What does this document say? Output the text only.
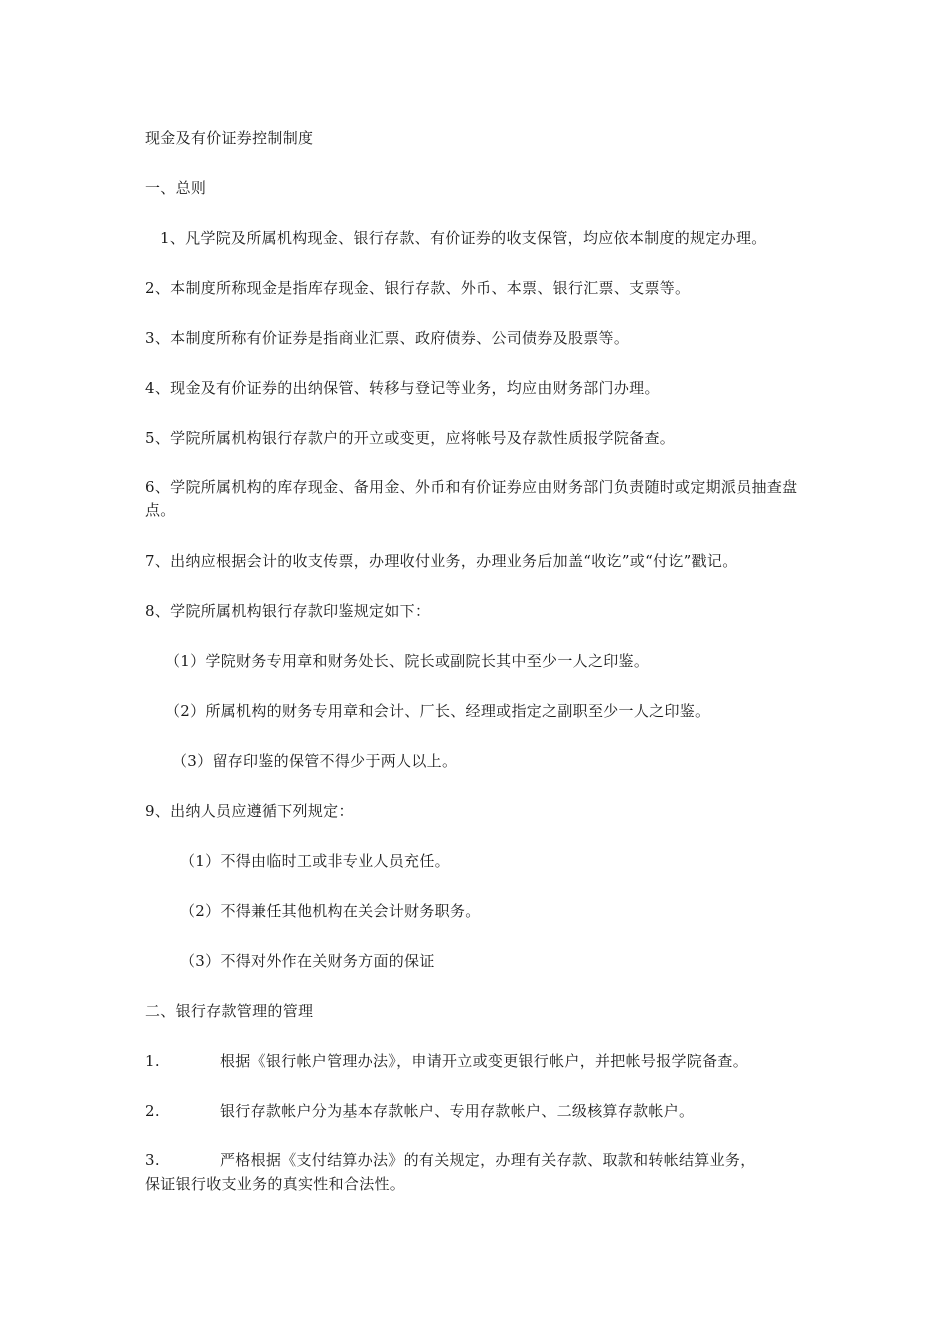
现金及有价证券控制制度
一、总则
1、凡学院及所属机构现金、银行存款、有价证券的收支保管，均应依本制度的规定办理。
2、本制度所称现金是指库存现金、银行存款、外币、本票、银行汇票、支票等。
3、本制度所称有价证券是指商业汇票、政府债券、公司债券及股票等。
4、现金及有价证券的出纳保管、转移与登记等业务，均应由财务部门办理。
5、学院所属机构银行存款户的开立或变更，应将帐号及存款性质报学院备查。
6、学院所属机构的库存现金、备用金、外币和有价证券应由财务部门负责随时或定期派员抽查盘点。
7、出纳应根据会计的收支传票，办理收付业务，办理业务后加盖“收讫”或“付讫”戳记。
8、学院所属机构银行存款印鉴规定如下：
（1）学院财务专用章和财务处长、院长或副院长其中至少一人之印鉴。
（2）所属机构的财务专用章和会计、厂长、经理或指定之副职至少一人之印鉴。
（3）留存印鉴的保管不得少于两人以上。
9、出纳人员应遵循下列规定：
（1）不得由临时工或非专业人员充任。
（2）不得兼任其他机构在关会计财务职务。
（3）不得对外作在关财务方面的保证
二、银行存款管理的管理
1.	根据《银行帐户管理办法》，申请开立或变更银行帐户，并把帐号报学院备查。
2.	银行存款帐户分为基本存款帐户、专用存款帐户、二级核算存款帐户。
3.	严格根据《支付结算办法》的有关规定，办理有关存款、取款和转帐结算业务，
保证银行收支业务的真实性和合法性。
